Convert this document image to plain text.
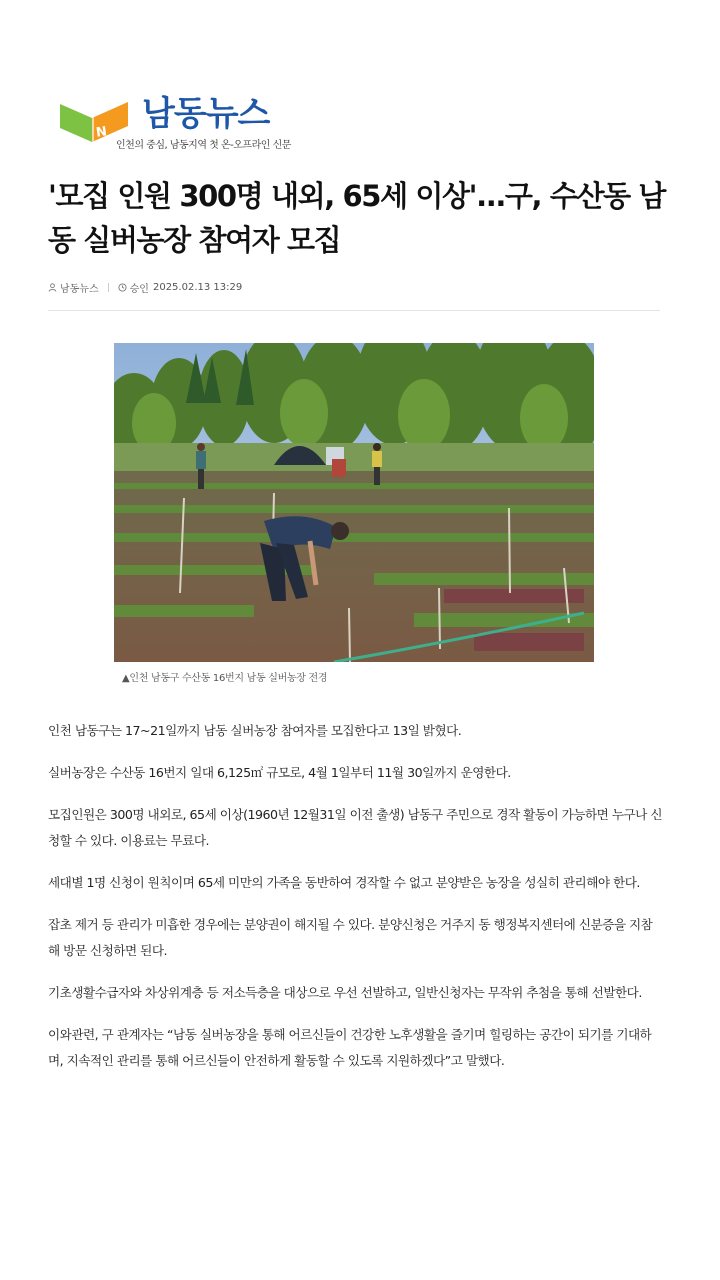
N 남동뉴스
인천의 중심, 남동지역 첫 온-오프라인 신문
'모집 인원 300명 내외, 65세 이상'...구, 수산동 남동 실버농장 참여자 모집
남동뉴스	승인 2025.02.13 13:29
▲인천 남동구 수산동 16번지 남동 실버농장 전경

인천 남동구는 17~21일까지 남동 실버농장 참여자를 모집한다고 13일 밝혔다.

실버농장은 수산동 16번지 일대 6,125㎡ 규모로, 4월 1일부터 11월 30일까지 운영한다.

모집인원은 300명 내외로, 65세 이상(1960년 12월31일 이전 출생) 남동구 주민으로 경작 활동이 가능하면 누구나 신청할 수 있다. 이용료는 무료다.

세대별 1명 신청이 원칙이며 65세 미만의 가족을 동반하여 경작할 수 없고 분양받은 농장을 성실히 관리해야 한다.

잡초 제거 등 관리가 미흡한 경우에는 분양권이 해지될 수 있다. 분양신청은 거주지 동 행정복지센터에 신분증을 지참해 방문 신청하면 된다.

기초생활수급자와 차상위계층 등 저소득층을 대상으로 우선 선발하고, 일반신청자는 무작위 추첨을 통해 선발한다.

이와관련, 구 관계자는 “남동 실버농장을 통해 어르신들이 건강한 노후생활을 즐기며 힐링하는 공간이 되기를 기대하며, 지속적인 관리를 통해 어르신들이 안전하게 활동할 수 있도록 지원하겠다”고 말했다.
